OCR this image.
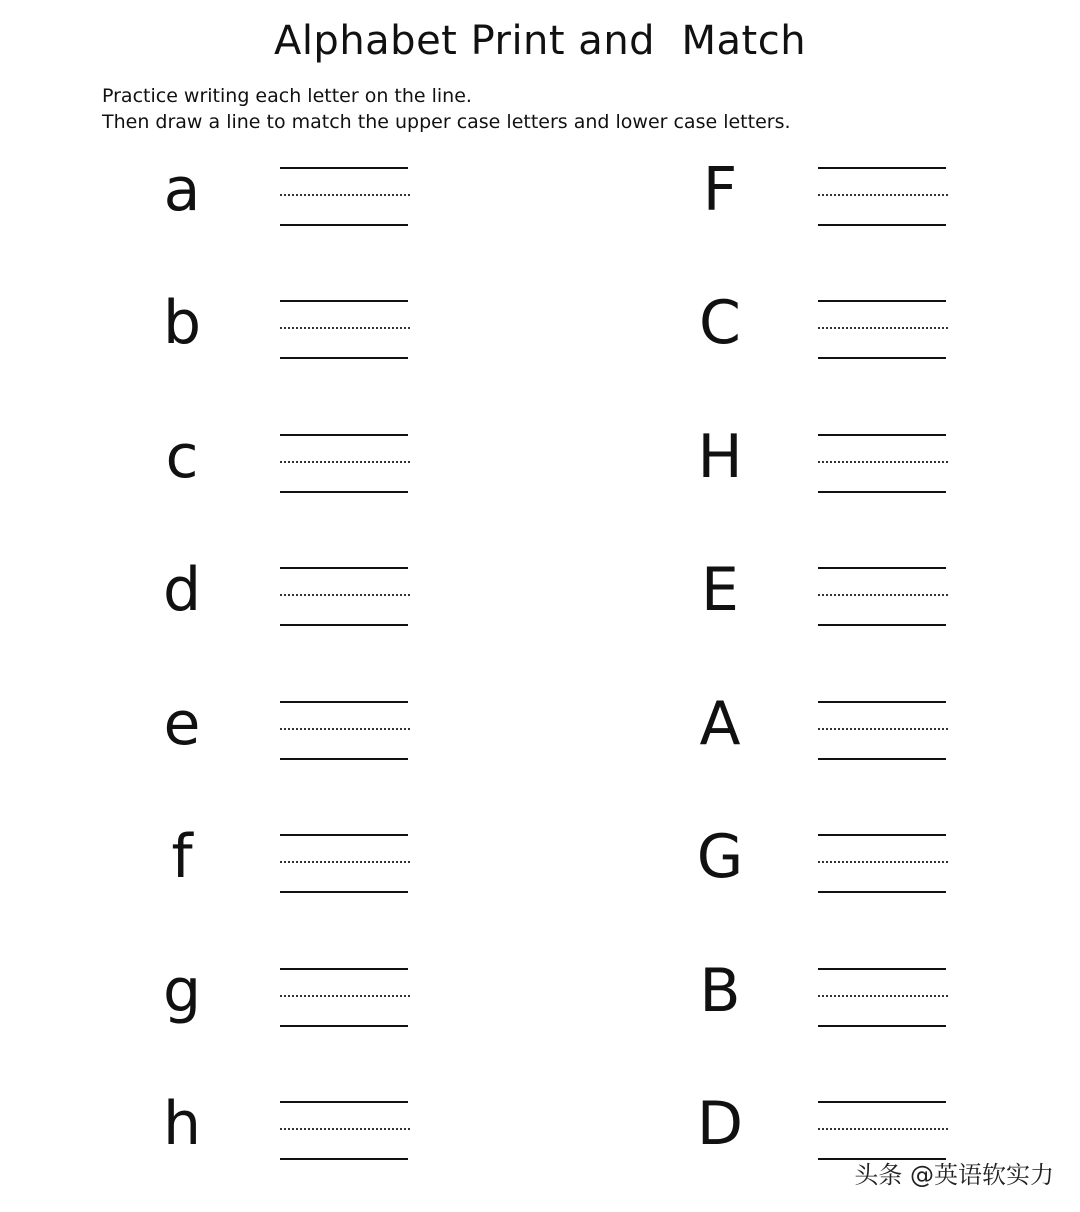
Alphabet Print and  Match
Practice writing each letter on the line.
Then draw a line to match the upper case letters and lower case letters.
a	F
b	C
c	H
d	E
e	A
f	G
g	B
h	D
头条 @英语软实力
